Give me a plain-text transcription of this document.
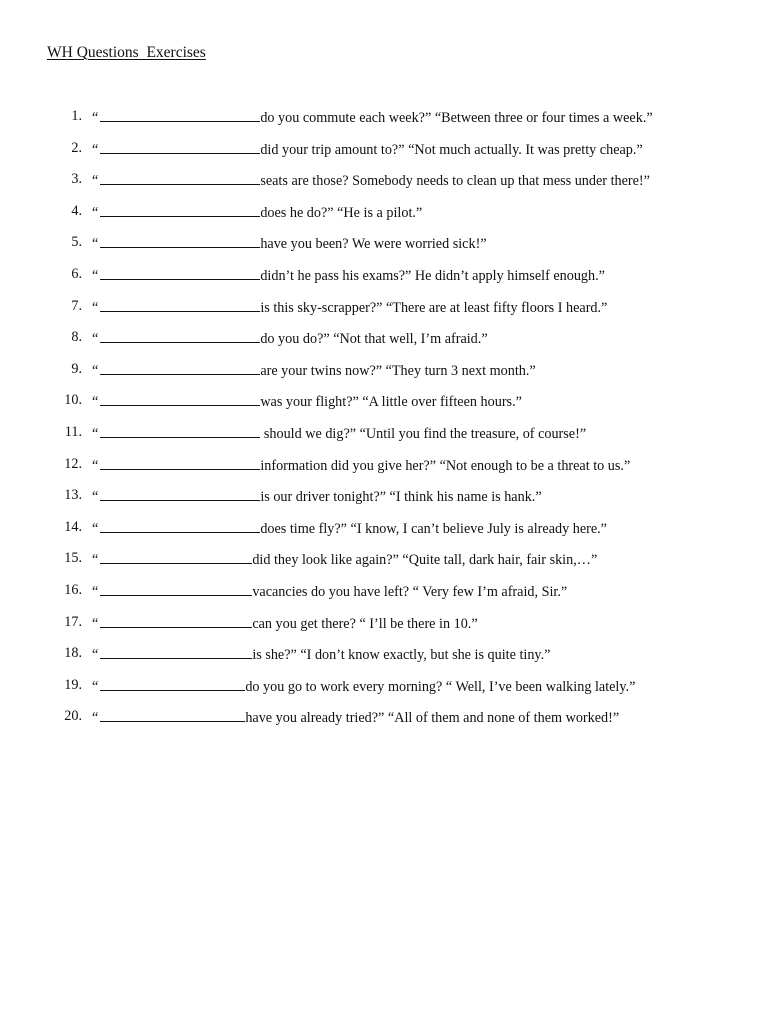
WH Questions  Exercises
1. “	do you commute each week?” “Between three or four times a week.”
2. “	did your trip amount to?” “Not much actually. It was pretty cheap.”
3. “	seats are those? Somebody needs to clean up that mess under there!”
4. “	does he do?” “He is a pilot.”
5. “	have you been? We were worried sick!”
6. “	didn’t he pass his exams?” He didn’t apply himself enough.”
7. “	is this sky-scrapper?” “There are at least fifty floors I heard.”
8. “	do you do?” “Not that well, I’m afraid.”
9. “	are your twins now?” “They turn 3 next month.”
10. “	was your flight?” “A little over fifteen hours.”
11. “	should we dig?” “Until you find the treasure, of course!”
12. “	information did you give her?” “Not enough to be a threat to us.”
13. “	is our driver tonight?” “I think his name is hank.”
14. “	does time fly?” “I know, I can’t believe July is already here.”
15. “	did they look like again?” “Quite tall, dark hair, fair skin,…”
16. “	vacancies do you have left? “ Very few I’m afraid, Sir.”
17. “	can you get there? “ I’ll be there in 10.”
18. “	is she?” “I don’t know exactly, but she is quite tiny.”
19. “	do you go to work every morning? “ Well, I’ve been walking lately.”
20. “	have you already tried?” “All of them and none of them worked!”
